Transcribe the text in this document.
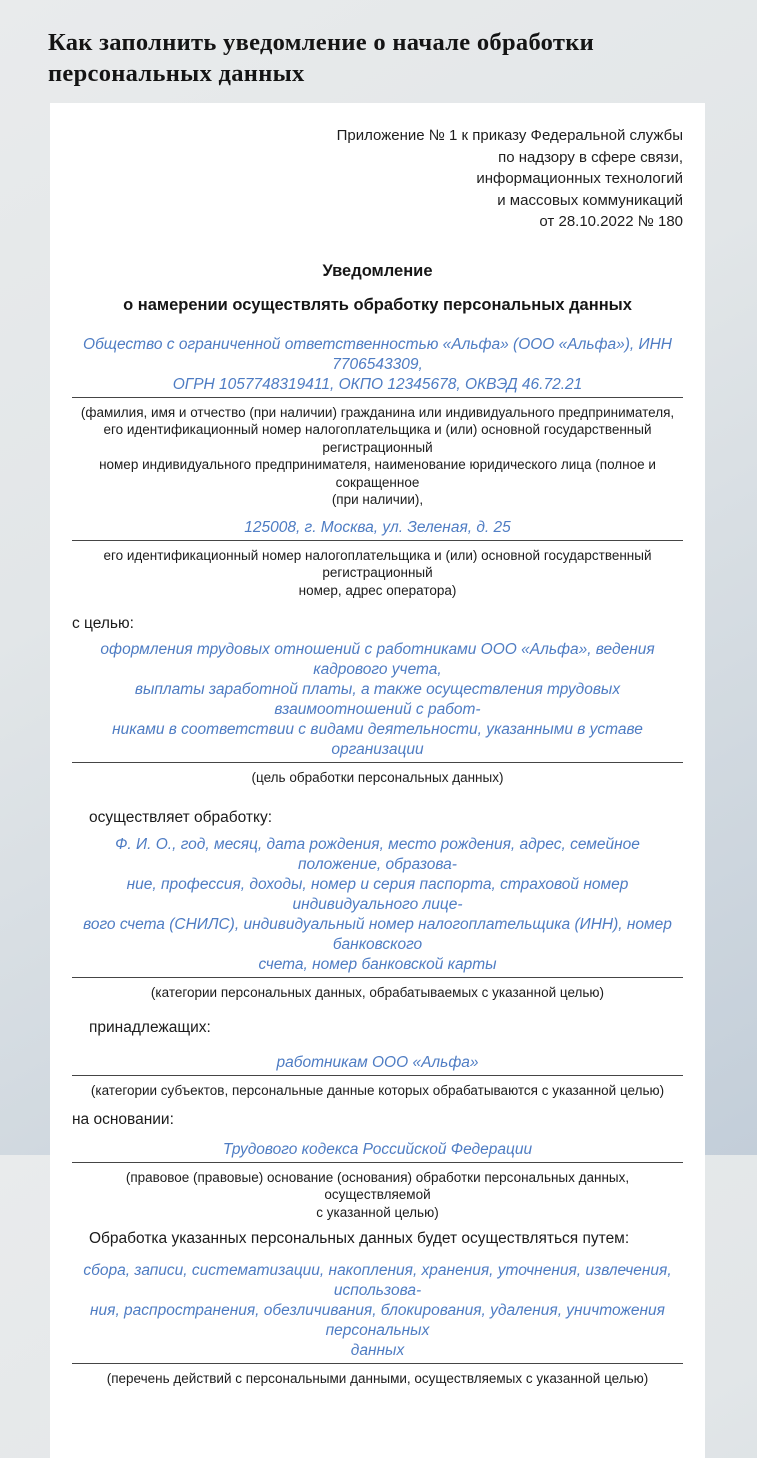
Как заполнить уведомление о начале обработки персональных данных
Приложение № 1 к приказу Федеральной службы
по надзору в сфере связи,
информационных технологий
и массовых коммуникаций
от 28.10.2022 № 180
Уведомление
о намерении осуществлять обработку персональных данных
Общество с ограниченной ответственностью «Альфа» (ООО «Альфа»), ИНН 7706543309,
ОГРН 1057748319411, ОКПО 12345678, ОКВЭД 46.72.21
(фамилия, имя и отчество (при наличии) гражданина или индивидуального предпринимателя,
его идентификационный номер налогоплательщика и (или) основной государственный регистрационный
номер индивидуального предпринимателя, наименование юридического лица (полное и сокращенное
(при наличии),
125008, г. Москва, ул. Зеленая, д. 25
его идентификационный номер налогоплательщика и (или) основной государственный регистрационный
номер, адрес оператора)
с целью:
оформления трудовых отношений с работниками ООО «Альфа», ведения кадрового учета,
выплаты заработной платы, а также осуществления трудовых взаимоотношений с работ-
никами в соответствии с видами деятельности, указанными в уставе организации
(цель обработки персональных данных)
осуществляет обработку:
Ф. И. О., год, месяц, дата рождения, место рождения, адрес, семейное положение, образова-
ние, профессия, доходы, номер и серия паспорта, страховой номер индивидуального лице-
вого счета (СНИЛС), индивидуальный номер налогоплательщика (ИНН), номер банковского
счета, номер банковской карты
(категории персональных данных, обрабатываемых с указанной целью)
принадлежащих:
работникам ООО «Альфа»
(категории субъектов, персональные данные которых обрабатываются с указанной целью)
на основании:
Трудового кодекса Российской Федерации
(правовое (правовые) основание (основания) обработки персональных данных, осуществляемой
с указанной целью)
Обработка указанных персональных данных будет осуществляться путем:
сбора, записи, систематизации, накопления, хранения, уточнения, извлечения, использова-
ния, распространения, обезличивания, блокирования, удаления, уничтожения персональных
данных
(перечень действий с персональными данными, осуществляемых с указанной целью)
